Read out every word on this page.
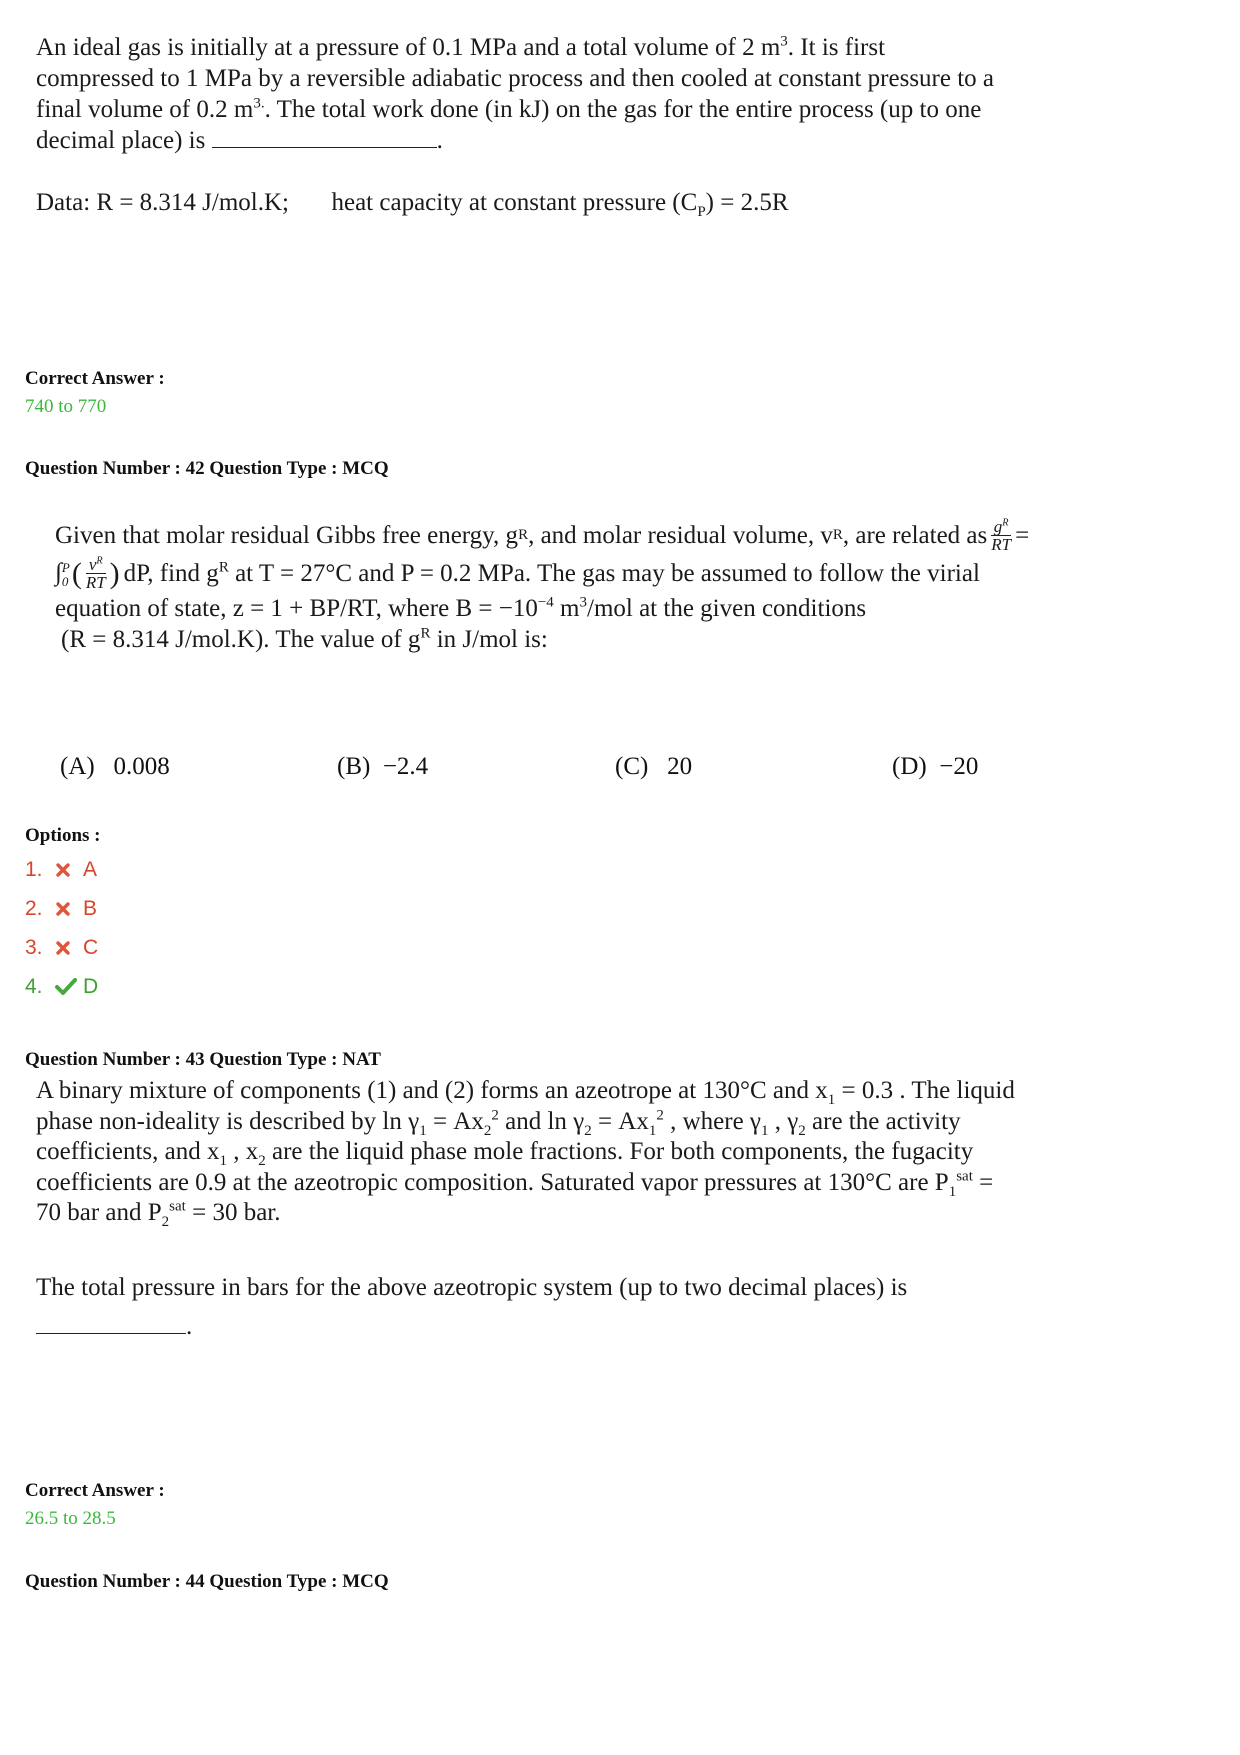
An ideal gas is initially at a pressure of 0.1 MPa and a total volume of 2 $m^3$. It is first
compressed to 1 MPa by a reversible adiabatic process and then cooled at constant pressure to a
final volume of 0.2 $m^{3.}$. The total work done (in kJ) on the gas for the entire process (up to one
decimal place) is	.
Data: R = 8.314 J/mol.K; heat capacity at constant pressure $(C_P) = 2.5R$
Correct Answer :
740 to 770
Question Number : 42 Question Type : MCQ
Given that molar residual Gibbs free energy, g R , and molar residual volume, v R , are related as $\frac{g^R}{RT}$ =
∫ P
0 ( $\frac{v^R}{RT}$ ) dP, find $g^R$ at T = 27°C and P = 0.2 MPa. The gas may be assumed to follow the virial
equation of state, z = 1 + BP/RT, where $B = -10^{-4}$ $m^3$/mol at the given conditions
(R = 8.314 J/mol.K). The value of $g^R$ in J/mol is:
(A) 0.008	(B) −2.4	(C) 20	(D) −20
Options :
1.	A
2.	B
3.	C
4.	D
Question Number : 43 Question Type : NAT
A binary mixture of components (1) and (2) forms an azeotrope at 130°C and $x_1 = 0.3$ . The liquid
phase non-ideality is described by $\ln \gamma_1 = Ax_2^2$ and $\ln \gamma_2 = Ax_1^2$ , where $\gamma_1$ , $\gamma_2$ are the activity
coefficients, and $x_1$ , $x_2$ are the liquid phase mole fractions. For both components, the fugacity
coefficients are 0.9 at the azeotropic composition. Saturated vapor pressures at 130°C are $P_1^{sat}$ =
70 bar and $P_2^{sat} = 30$ bar.
The total pressure in bars for the above azeotropic system (up to two decimal places) is
.
Correct Answer :
26.5 to 28.5
Question Number : 44 Question Type : MCQ
